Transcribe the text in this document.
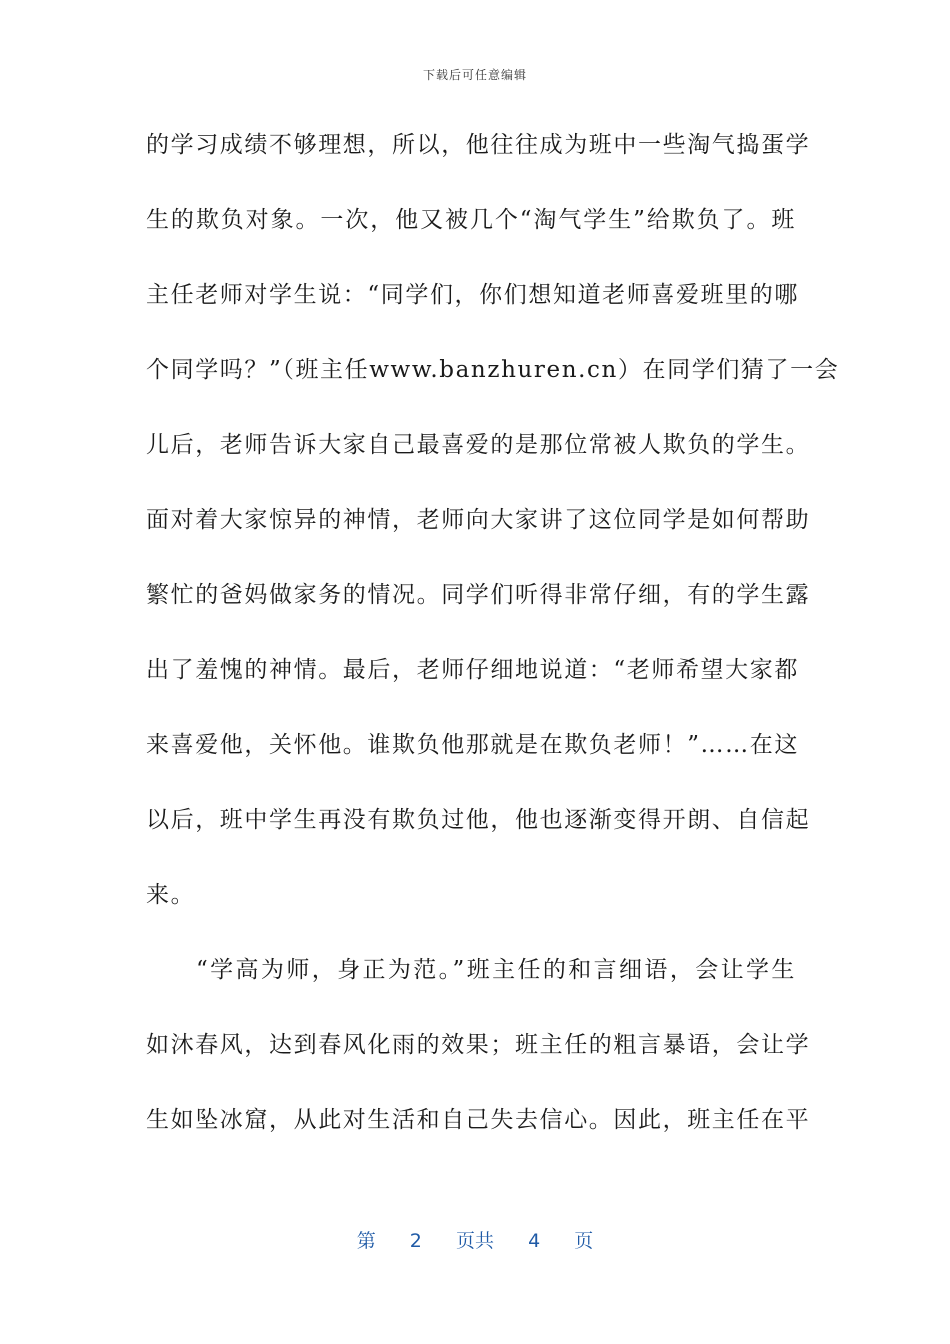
下载后可任意编辑
的学习成绩不够理想，所以，他往往成为班中一些淘气捣蛋学
生的欺负对象。一次，他又被几个“淘气学生”给欺负了。班
主任老师对学生说：“同学们，你们想知道老师喜爱班里的哪
个同学吗？”（班主任www.banzhuren.cn）在同学们猜了一会
儿后，老师告诉大家自己最喜爱的是那位常被人欺负的学生。
面对着大家惊异的神情，老师向大家讲了这位同学是如何帮助
繁忙的爸妈做家务的情况。同学们听得非常仔细，有的学生露
出了羞愧的神情。最后，老师仔细地说道：“老师希望大家都
来喜爱他，关怀他。谁欺负他那就是在欺负老师！”……在这
以后，班中学生再没有欺负过他，他也逐渐变得开朗、自信起
来。
“学高为师，身正为范。”班主任的和言细语，会让学生
如沐春风，达到春风化雨的效果；班主任的粗言暴语，会让学
生如坠冰窟，从此对生活和自己失去信心。因此，班主任在平
第 2 页共 4 页
